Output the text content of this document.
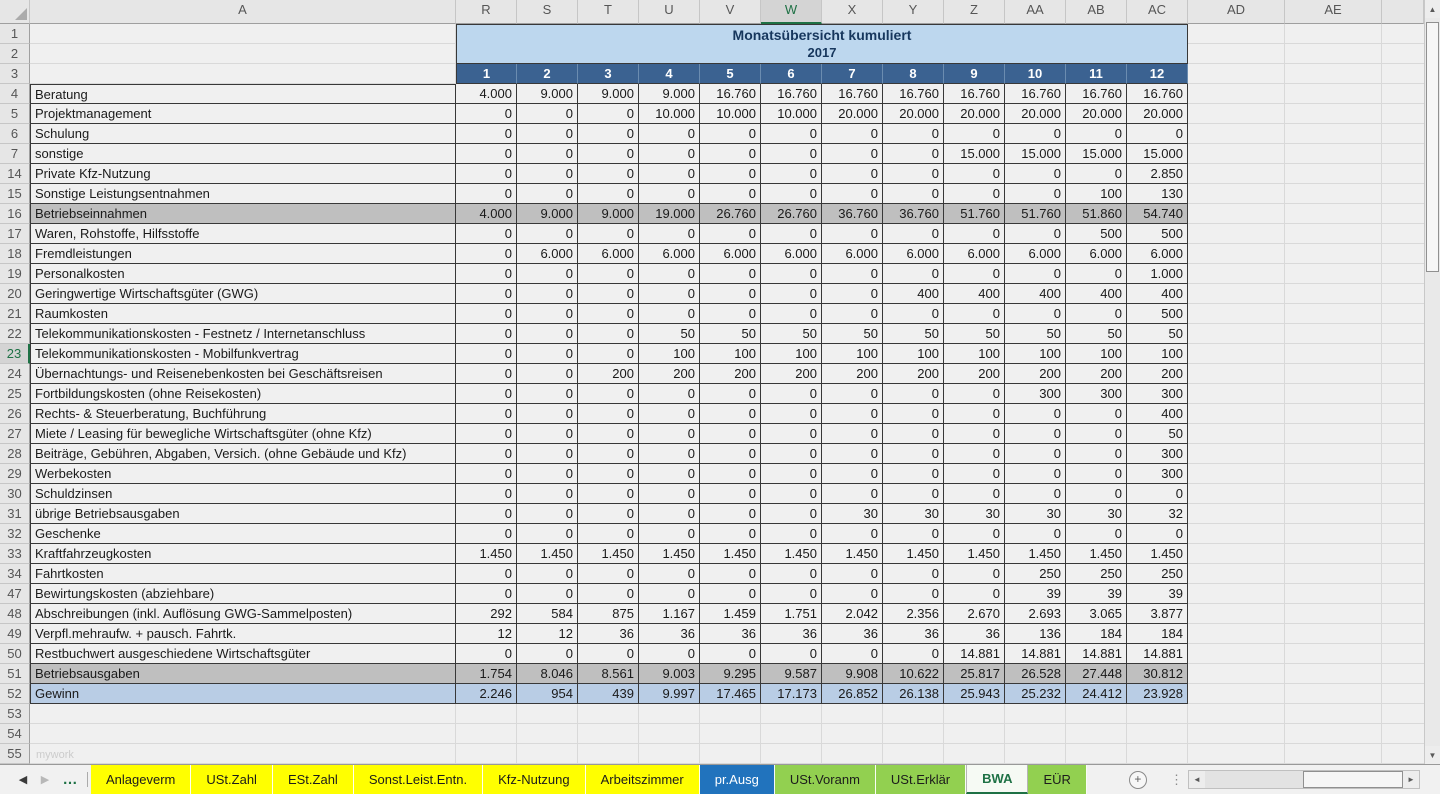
A	R	S	T	U	V	W	X	Y	Z	AA	AB	AC	AD	AE
1	Monatsübersicht kumuliert
2017
2
3	1	2	3	4	5	6	7	8	9	10	11	12
4	Beratung	4.000	9.000	9.000	9.000	16.760	16.760	16.760	16.760	16.760	16.760	16.760	16.760
5	Projektmanagement	0	0	0	10.000	10.000	10.000	20.000	20.000	20.000	20.000	20.000	20.000
6	Schulung	0	0	0	0	0	0	0	0	0	0	0	0
7	sonstige	0	0	0	0	0	0	0	0	15.000	15.000	15.000	15.000
14	Private Kfz-Nutzung	0	0	0	0	0	0	0	0	0	0	0	2.850
15	Sonstige Leistungsentnahmen	0	0	0	0	0	0	0	0	0	0	100	130
16	Betriebseinnahmen	4.000	9.000	9.000	19.000	26.760	26.760	36.760	36.760	51.760	51.760	51.860	54.740
17	Waren, Rohstoffe, Hilfsstoffe	0	0	0	0	0	0	0	0	0	0	500	500
18	Fremdleistungen	0	6.000	6.000	6.000	6.000	6.000	6.000	6.000	6.000	6.000	6.000	6.000
19	Personalkosten	0	0	0	0	0	0	0	0	0	0	0	1.000
20	Geringwertige Wirtschaftsgüter (GWG)	0	0	0	0	0	0	0	400	400	400	400	400
21	Raumkosten	0	0	0	0	0	0	0	0	0	0	0	500
22	Telekommunikationskosten - Festnetz / Internetanschluss	0	0	0	50	50	50	50	50	50	50	50	50
23	Telekommunikationskosten - Mobilfunkvertrag	0	0	0	100	100	100	100	100	100	100	100	100
24	Übernachtungs- und Reisenebenkosten bei Geschäftsreisen	0	0	200	200	200	200	200	200	200	200	200	200
25	Fortbildungskosten (ohne Reisekosten)	0	0	0	0	0	0	0	0	0	300	300	300
26	Rechts- & Steuerberatung, Buchführung	0	0	0	0	0	0	0	0	0	0	0	400
27	Miete / Leasing für bewegliche Wirtschaftsgüter (ohne Kfz)	0	0	0	0	0	0	0	0	0	0	0	50
28	Beiträge, Gebühren, Abgaben, Versich. (ohne Gebäude und Kfz)	0	0	0	0	0	0	0	0	0	0	0	300
29	Werbekosten	0	0	0	0	0	0	0	0	0	0	0	300
30	Schuldzinsen	0	0	0	0	0	0	0	0	0	0	0	0
31	übrige Betriebsausgaben	0	0	0	0	0	0	30	30	30	30	30	32
32	Geschenke	0	0	0	0	0	0	0	0	0	0	0	0
33	Kraftfahrzeugkosten	1.450	1.450	1.450	1.450	1.450	1.450	1.450	1.450	1.450	1.450	1.450	1.450
34	Fahrtkosten	0	0	0	0	0	0	0	0	0	250	250	250
47	Bewirtungskosten (abziehbare)	0	0	0	0	0	0	0	0	0	39	39	39
48	Abschreibungen (inkl. Auflösung GWG-Sammelposten)	292	584	875	1.167	1.459	1.751	2.042	2.356	2.670	2.693	3.065	3.877
49	Verpfl.mehraufw. + pausch. Fahrtk.	12	12	36	36	36	36	36	36	36	136	184	184
50	Restbuchwert ausgeschiedene Wirtschaftsgüter	0	0	0	0	0	0	0	0	14.881	14.881	14.881	14.881
51	Betriebsausgaben	1.754	8.046	8.561	9.003	9.295	9.587	9.908	10.622	25.817	26.528	27.448	30.812
52	Gewinn	2.246	954	439	9.997	17.465	17.173	26.852	26.138	25.943	25.232	24.412	23.928
53
54
55	mywork
▲
▼
◀	▶ …	Anlageverm	USt.Zahl	ESt.Zahl	Sonst.Leist.Entn.	Kfz-Nutzung	Arbeitszimmer	pr.Ausg	USt.Voranm	USt.Erklär	BWA	EÜR	+	⋮ ◄	►
